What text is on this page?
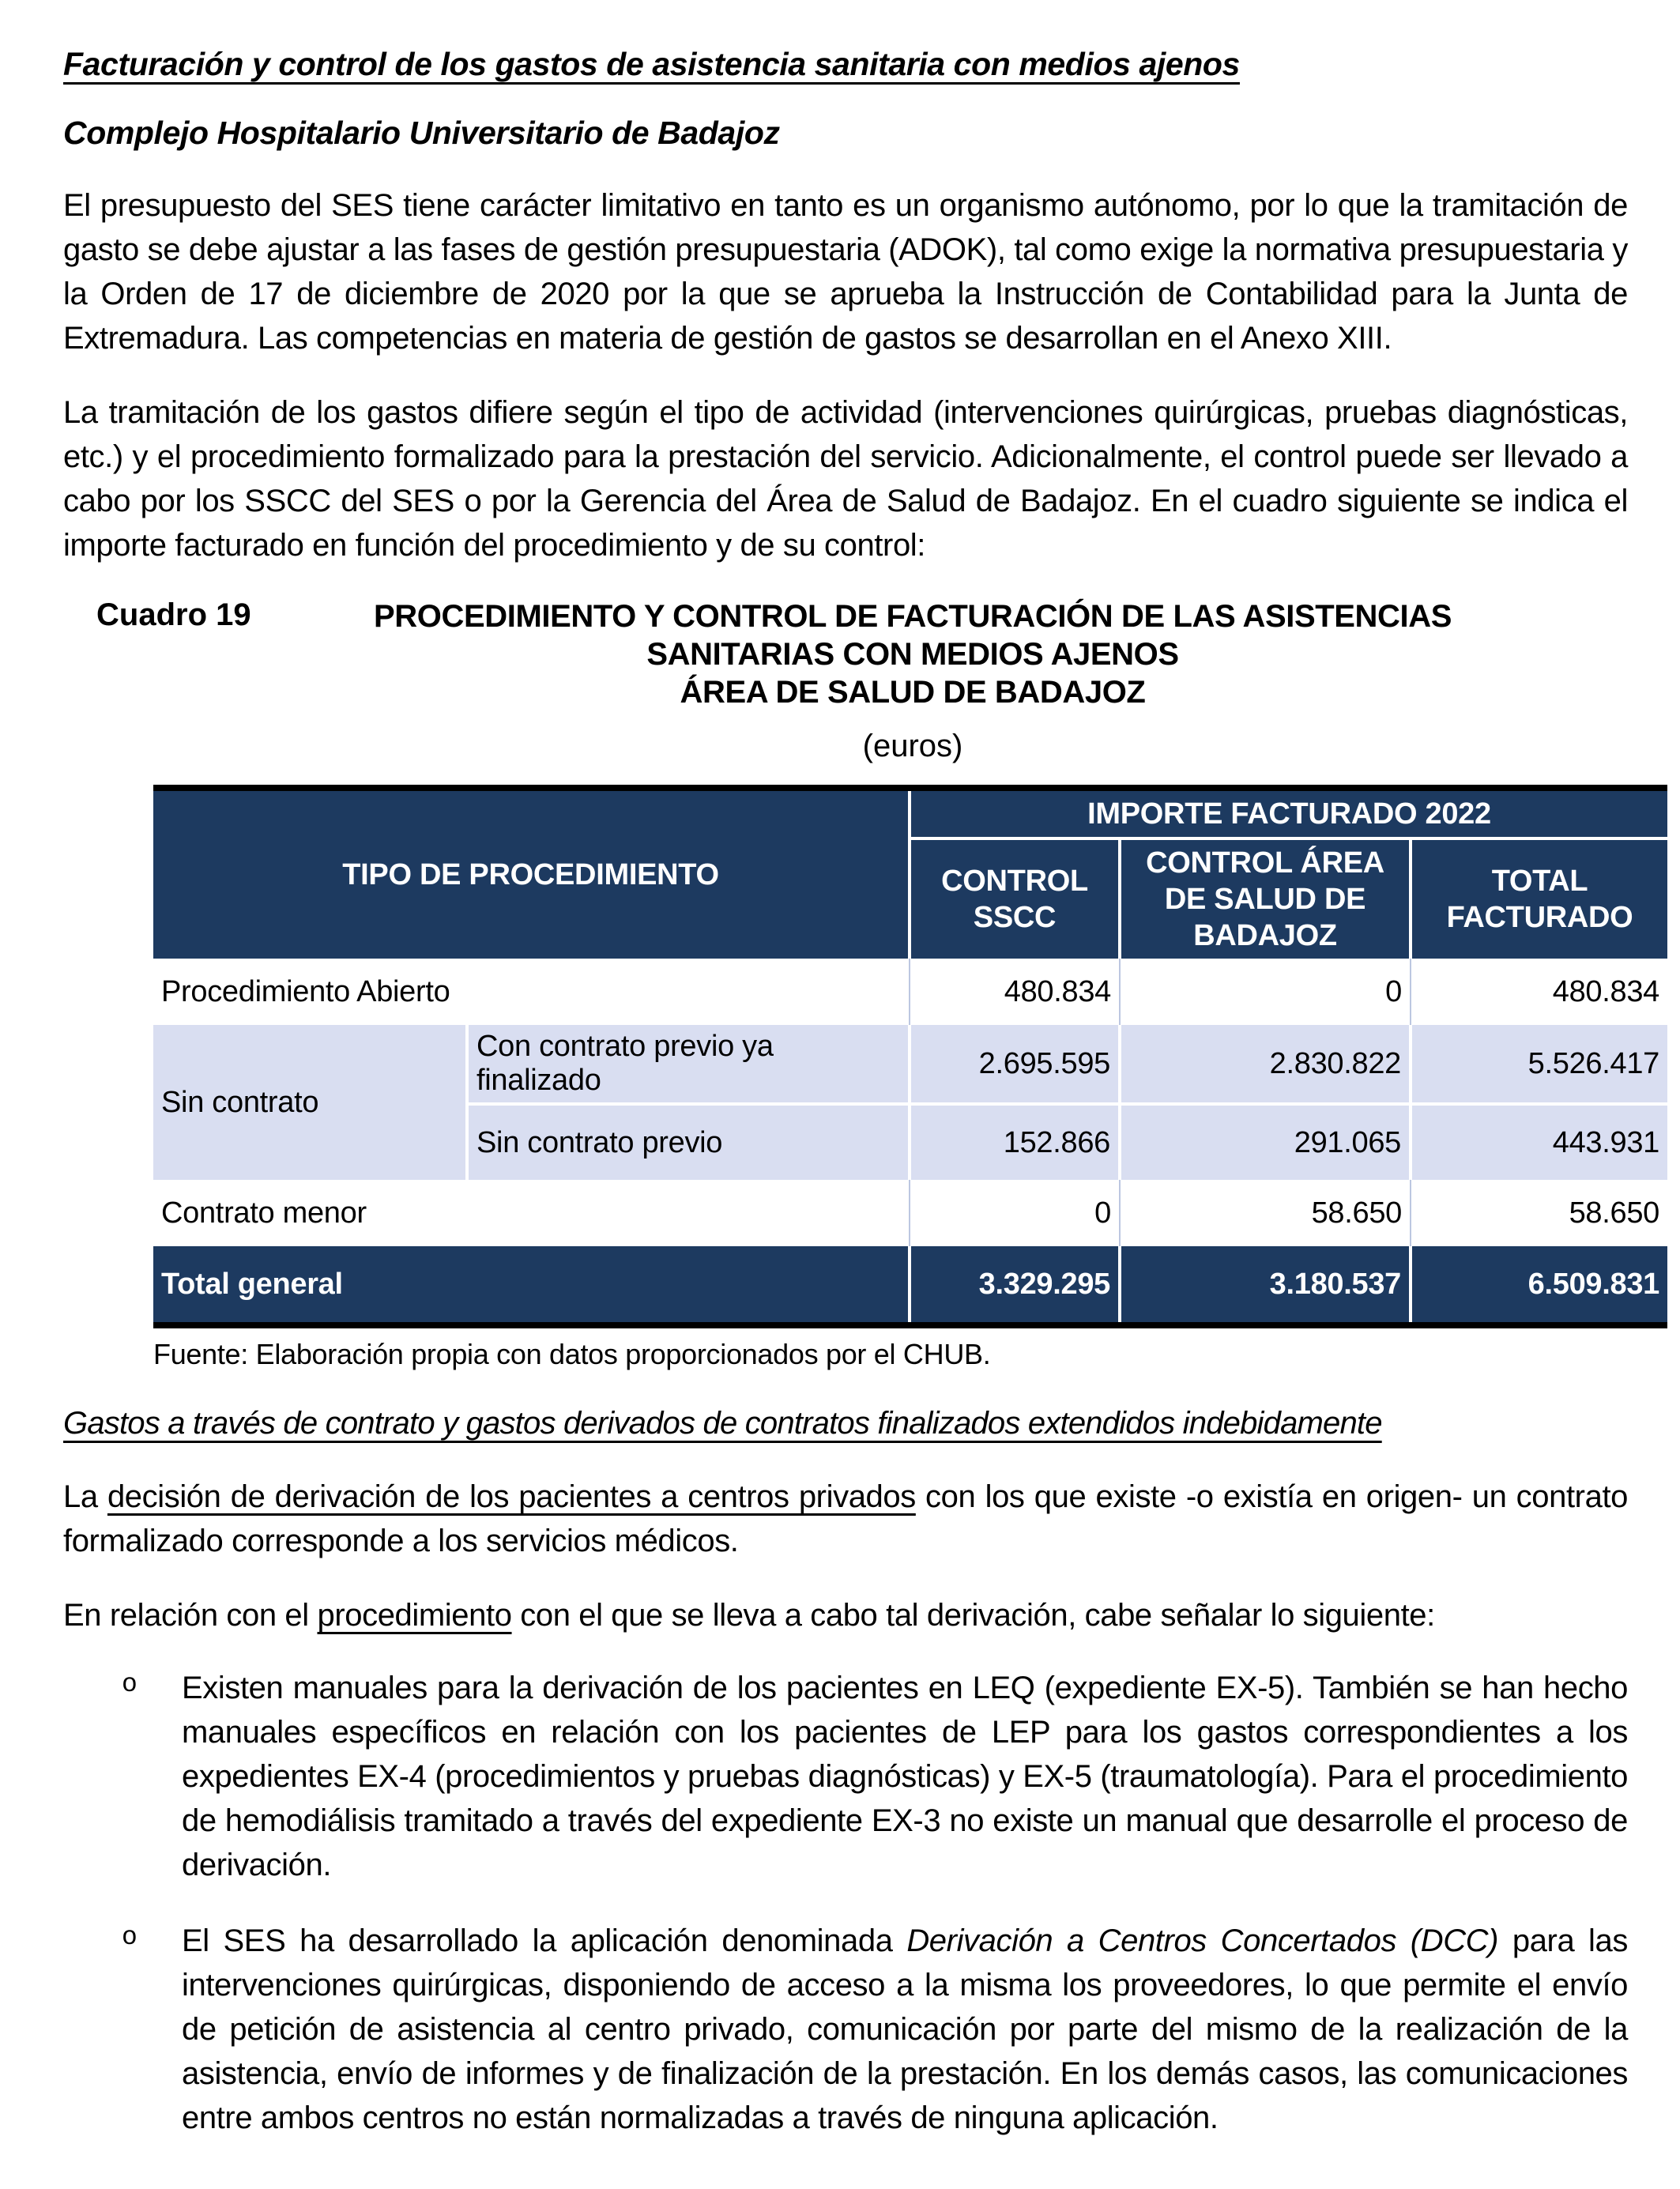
Facturación y control de los gastos de asistencia sanitaria con medios ajenos
Complejo Hospitalario Universitario de Badajoz

El presupuesto del SES tiene carácter limitativo en tanto es un organismo autónomo, por lo que la tramitación de gasto se debe ajustar a las fases de gestión presupuestaria (ADOK), tal como exige la normativa presupuestaria y la Orden de 17 de diciembre de 2020 por la que se aprueba la Instrucción de Contabilidad para la Junta de Extremadura. Las competencias en materia de gestión de gastos se desarrollan en el Anexo XIII.

La tramitación de los gastos difiere según el tipo de actividad (intervenciones quirúrgicas, pruebas diagnósticas, etc.) y el procedimiento formalizado para la prestación del servicio. Adicionalmente, el control puede ser llevado a cabo por los SSCC del SES o por la Gerencia del Área de Salud de Badajoz. En el cuadro siguiente se indica el importe facturado en función del procedimiento y de su control:

Cuadro 19	PROCEDIMIENTO Y CONTROL DE FACTURACIÓN DE LAS ASISTENCIAS
SANITARIAS CON MEDIOS AJENOS
ÁREA DE SALUD DE BADAJOZ
(euros)
TIPO DE PROCEDIMIENTO		IMPORTE FACTURADO 2022		
		CONTROL SSCC	CONTROL ÁREA DE SALUD DE BADAJOZ	TOTAL FACTURADO
Procedimiento Abierto		480.834	0	480.834
Sin contrato	Con contrato previo ya finalizado	2.695.595	2.830.822	5.526.417
	Sin contrato previo	152.866	291.065	443.931
Contrato menor		0	58.650	58.650
Total general		3.329.295	3.180.537	6.509.831
Fuente: Elaboración propia con datos proporcionados por el CHUB.
Gastos a través de contrato y gastos derivados de contratos finalizados extendidos indebidamente

La decisión de derivación de los pacientes a centros privados con los que existe -o existía en origen- un contrato formalizado corresponde a los servicios médicos.

En relación con el procedimiento con el que se lleva a cabo tal derivación, cabe señalar lo siguiente:

o	Existen manuales para la derivación de los pacientes en LEQ (expediente EX-5). También se han hecho manuales específicos en relación con los pacientes de LEP para los gastos correspondientes a los expedientes EX-4 (procedimientos y pruebas diagnósticas) y EX-5 (traumatología). Para el procedimiento de hemodiálisis tramitado a través del expediente EX-3 no existe un manual que desarrolle el proceso de derivación.
o	El SES ha desarrollado la aplicación denominada Derivación a Centros Concertados (DCC) para las intervenciones quirúrgicas, disponiendo de acceso a la misma los proveedores, lo que permite el envío de petición de asistencia al centro privado, comunicación por parte del mismo de la realización de la asistencia, envío de informes y de finalización de la prestación. En los demás casos, las comunicaciones entre ambos centros no están normalizadas a través de ninguna aplicación.
